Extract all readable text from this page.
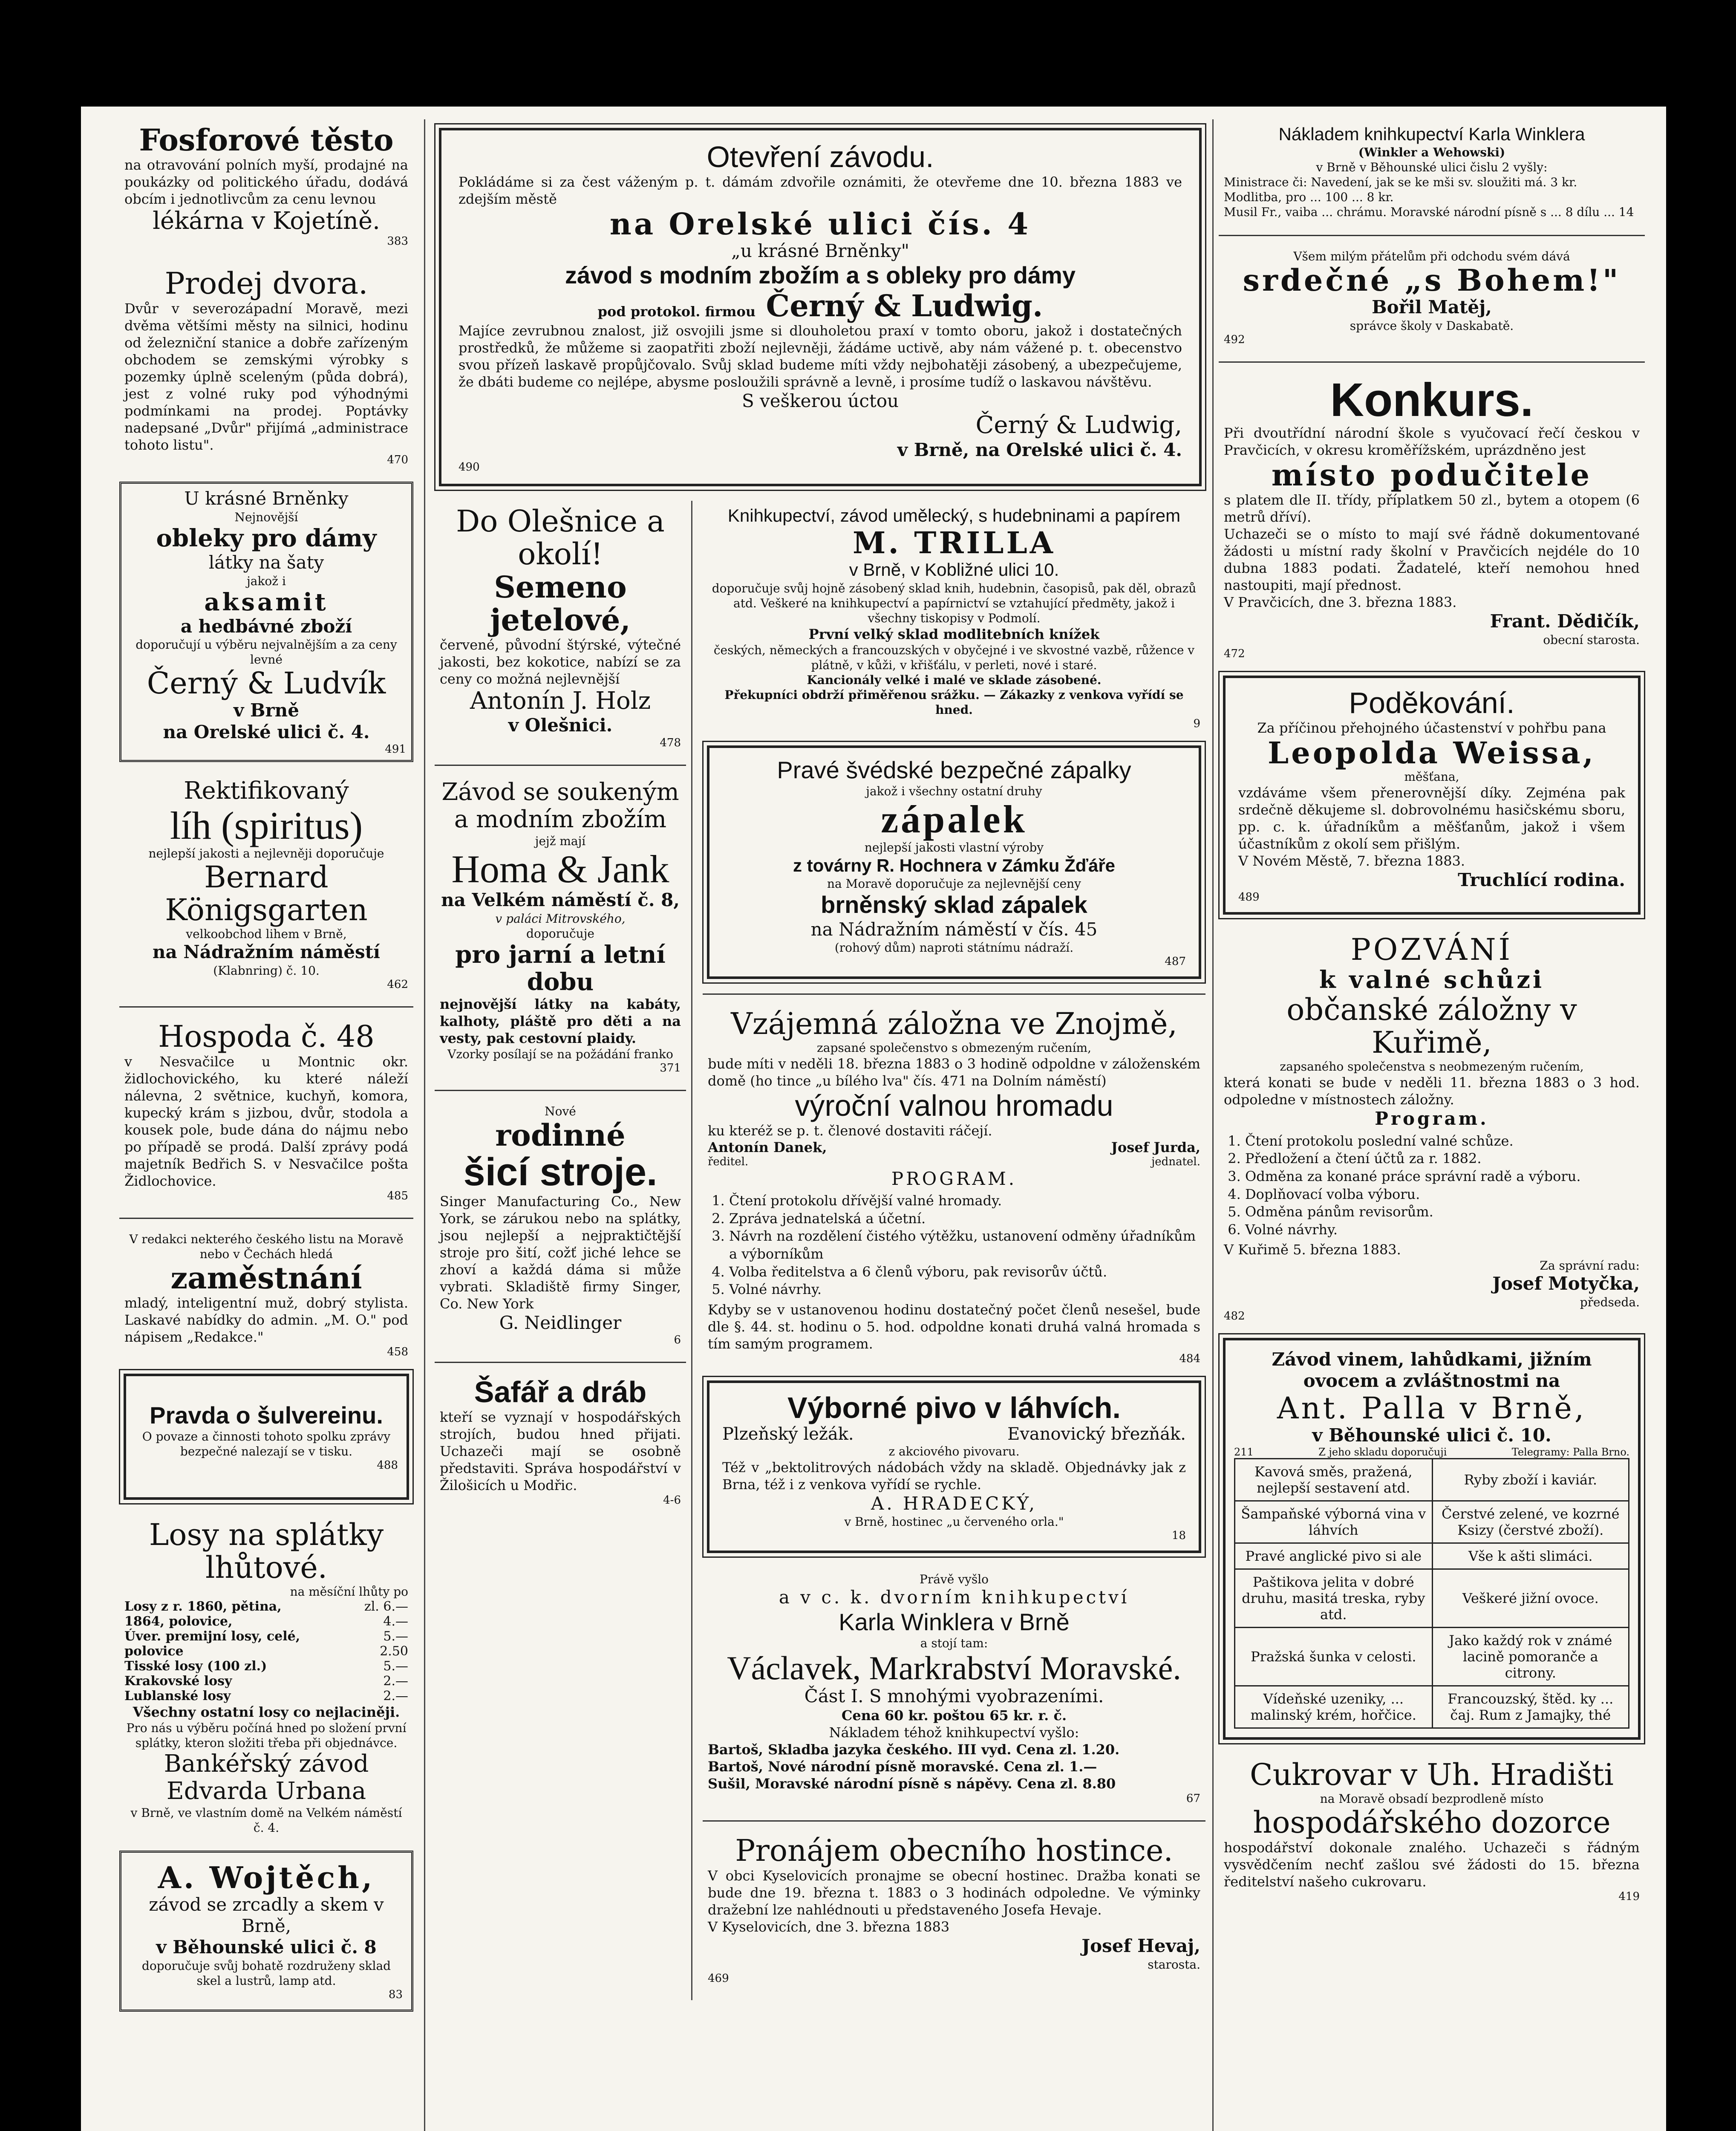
Fosforové těsto
na otravování polních myší, prodajné na poukázky od politického úřadu, dodává obcím i jednotlivcům za cenu levnou
lékárna v Kojetíně.
383
Prodej dvora.
Dvůr v severozápadní Moravě, mezi dvěma většími městy na silnici, hodinu od železniční stanice a dobře zařízeným obchodem se zemskými výrobky s pozemky úplně sceleným (půda dobrá), jest z volné ruky pod výhodnými podmínkami na prodej. Poptávky nadepsané „Dvůr" přijímá „administrace tohoto listu".
470
U krásné Brněnky
Nejnovější
obleky pro dámy
látky na šaty
jakož i
aksamit
a hedbávné zboží
doporučují u výběru nejvalnějším a za ceny levné
Černý & Ludvík
v Brně
na Orelské ulici č. 4.
491
Rektifikovaný
líh (spiritus)
nejlepší jakosti a nejlevněji doporučuje
Bernard Königsgarten
velkoobchod lihem v Brně,
na Nádražním náměstí
(Klabnring) č. 10.
462
Hospoda č. 48
v Nesvačilce u Montnic okr. židlochovického, ku které náleží nálevna, 2 světnice, kuchyň, komora, kupecký krám s jizbou, dvůr, stodola a kousek pole, bude dána do nájmu nebo po případě se prodá. Další zprávy podá majetník Bedřich S. v Nesvačilce pošta Židlochovice.
485
V redakci nekterého českého listu na Moravě nebo v Čechách hledá
zaměstnání
mladý, inteligentní muž, dobrý stylista. Laskavé nabídky do admin. „M. O." pod nápisem „Redakce."
458
Pravda o šulvereinu.
O povaze a činnosti tohoto spolku zprávy bezpečné nalezají se v tisku.
488
Losy na splátky lhůtové.
na měsíční lhůty po
Losy z r. 1860, pětina,	zl. 6.—
1864, polovice,	4.—
Úver. premijní losy, celé,	5.—
polovice	2.50
Tisské losy (100 zl.)	5.—
Krakovské losy	2.—
Lublanské losy	2.—
Všechny ostatní losy co nejlaciněji.
Pro nás u výběru počíná hned po složení první splátky, kteron složiti třeba při objednávce.
Bankéřský závod Edvarda Urbana
v Brně, ve vlastním domě na Velkém náměstí č. 4.
A. Wojtěch,
závod se zrcadly a skem v Brně,
v Běhounské ulici č. 8
doporučuje svůj bohatě rozdruženy sklad skel a lustrů, lamp atd.
83
Otevření závodu.
Pokládáme si za čest váženým p. t. dámám zdvořile oznámiti, že otevřeme dne 10. března 1883 ve zdejším městě
na Orelské ulici čís. 4
„u krásné Brněnky"
závod s modním zbožím a s obleky pro dámy
pod protokol. firmou Černý & Ludwig.
Majíce zevrubnou znalost, již osvojili jsme si dlouholetou praxí v tomto oboru, jakož i dostatečných prostředků, že můžeme si zaopatřiti zboží nejlevněji, žádáme uctivě, aby nám vážené p. t. obecenstvo svou přízeň laskavě propůjčovalo. Svůj sklad budeme míti vždy nejbohatěji zásobený, a ubezpečujeme, že dbáti budeme co nejlépe, abysme posloužili správně a levně, i prosíme tudíž o laskavou návštěvu.
S veškerou úctou
Černý & Ludwig,
v Brně, na Orelské ulici č. 4.
490
Do Olešnice a okolí!
Semeno jetelové,
červené, původní štýrské, výtečné jakosti, bez kokotice, nabízí se za ceny co možná nejlevnější
Antonín J. Holz
v Olešnici.
478
Závod se soukeným
a modním zbožím
jejž mají
Homa & Jank
na Velkém náměstí č. 8,
v paláci Mitrovského,
doporučuje
pro jarní a letní dobu
nejnovější látky na kabáty, kalhoty, pláště pro děti a na vesty, pak cestovní plaidy.
Vzorky posílají se na požádání franko
371
Nové
rodinné
šicí stroje.
Singer Manufacturing Co., New York, se zárukou nebo na splátky, jsou nejlepší a nejpraktičtější stroje pro šití, cožť jiché lehce se zhoví a každá dáma si může vybrati. Skladiště firmy Singer, Co. New York
G. Neidlinger
6
Šafář a dráb
kteří se vyznají v hospodářských strojích, budou hned přijati. Uchazeči mají se osobně představiti. Správa hospodářství v Žilošicích u Modřic.
4-6
Knihkupectví, závod umělecký, s hudebninami a papírem
M. TRILLA
v Brně, v Kobližné ulici 10.
doporučuje svůj hojně zásobený sklad knih, hudebnin, časopisů, pak děl, obrazů atd. Veškeré na knihkupectví a papírnictví se vztahující předměty, jakož i všechny tiskopisy v Podmolí.
První velký sklad modlitebních knížek
českých, německých a francouzských v obyčejné i ve skvostné vazbě, růžence v plátně, v kůži, v křišťálu, v perleti, nové i staré.
Kancionály velké i malé ve sklade zásobené.
Překupníci obdrží přiměřenou srážku. — Zákazky z venkova vyřídí se hned.
9
Pravé švédské bezpečné zápalky
jakož i všechny ostatní druhy
zápalek
nejlepší jakosti vlastní výroby
z továrny R. Hochnera v Zámku Žďáře
na Moravě doporučuje za nejlevnější ceny
brněnský sklad zápalek
na Nádražním náměstí v čís. 45
(rohový dům) naproti státnímu nádraží.
487
Vzájemná záložna ve Znojmě,
zapsané společenstvo s obmezeným ručením,
bude míti v neděli 18. března 1883 o 3 hodině odpoldne v záloženském domě (ho tince „u bílého lva" čís. 471 na Dolním náměstí)
výroční valnou hromadu
ku kteréž se p. t. členové dostaviti ráčejí.
Antonín Danek,	Josef Jurda,
ředitel.	jednatel.
PROGRAM.
1. Čtení protokolu dřívější valné hromady.
2. Zpráva jednatelská a účetní.
3. Návrh na rozdělení čistého výtěžku, ustanovení odměny úřadníkům a výborníkům
4. Volba ředitelstva a 6 členů výboru, pak revisorův účtů.
5. Volné návrhy.
Kdyby se v ustanovenou hodinu dostatečný počet členů nesešel, bude dle §. 44. st. hodinu o 5. hod. odpoldne konati druhá valná hromada s tím samým programem.
484
Výborné pivo v láhvích.
Plzeňský ležák.	Evanovický březňák.
z akciového pivovaru.
Též v „bektolitrových nádobách vždy na skladě. Objednávky jak z Brna, též i z venkova vyřídí se rychle.
A. HRADECKÝ,
v Brně, hostinec „u červeného orla."
18
Právě vyšlo
a v c. k. dvorním knihkupectví
Karla Winklera v Brně
a stojí tam:
Václavek, Markrabství Moravské.
Část I. S mnohými vyobrazeními.
Cena 60 kr. poštou 65 kr. r. č.
Nákladem téhož knihkupectví vyšlo:
Bartoš, Skladba jazyka českého. III vyd. Cena zl. 1.20.
Bartoš, Nové národní písně moravské. Cena zl. 1.—
Sušil, Moravské národní písně s nápěvy. Cena zl. 8.80
67
Pronájem obecního hostince.
V obci Kyselovicích pronajme se obecní hostinec. Dražba konati se bude dne 19. března t. 1883 o 3 hodinách odpoledne. Ve výminky dražební lze nahlédnouti u představeného Josefa Hevaje.
V Kyselovicích, dne 3. března 1883
Josef Hevaj,
starosta.
469
Nákladem knihkupectví Karla Winklera
(Winkler a Wehowski)
v Brně v Běhounské ulici čislu 2 vyšly:
Ministrace či: Navedení, jak se ke mši sv. sloužiti má. 3 kr.
Modlitba, pro ... 100 ... 8 kr.
Musil Fr., vaiba ... chrámu. Moravské národní písně s ... 8 dílu ... 14
Všem milým přátelům při odchodu svém dává
srdečné „s Bohem!"
Bořil Matěj,
správce školy v Daskabatě.
492
Konkurs.
Při dvoutřídní národní škole s vyučovací řečí českou v Pravčicích, v okresu kroměřížském, uprázdněno jest
místo podučitele
s platem dle II. třídy, příplatkem 50 zl., bytem a otopem (6 metrů dříví).
Uchazeči se o místo to mají své řádně dokumentované žádosti u místní rady školní v Pravčicích nejdéle do 10 dubna 1883 podati. Žadatelé, kteří nemohou hned nastoupiti, mají přednost.
V Pravčicích, dne 3. března 1883.
Frant. Dědičík,
obecní starosta.
472
Poděkování.
Za příčinou přehojného účastenství v pohřbu pana
Leopolda Weissa,
měšťana,
vzdáváme všem přenerovnější díky. Zejména pak srdečně děkujeme sl. dobrovolnému hasičskému sboru, pp. c. k. úřadníkům a měšťanům, jakož i všem účastníkům z okolí sem přišlým.
V Novém Městě, 7. března 1883.
Truchlící rodina.
489
POZVÁNÍ
k valné schůzi
občanské záložny v Kuřimě,
zapsaného společenstva s neobmezeným ručením,
která konati se bude v neděli 11. března 1883 o 3 hod. odpoledne v místnostech záložny.
Program.
1. Čtení protokolu poslední valné schůze.
2. Předložení a čtení účtů za r. 1882.
3. Odměna za konané práce správní radě a výboru.
4. Doplňovací volba výboru.
5. Odměna pánům revisorům.
6. Volné návrhy.
V Kuřimě 5. března 1883.
Za správní radu:
Josef Motyčka,
předseda.
482
Závod vinem, lahůdkami, jižním ovocem a zvláštnostmi na
Ant. Palla v Brně,
v Běhounské ulici č. 10.
211	Z jeho skladu doporučuji	Telegramy: Palla Brno.
Kavová směs, pražená, nejlepší sestavení atd.	Ryby zboží i kaviár.
Šampaňské výborná vina v láhvích	Čerstvé zelené, ve kozrné Ksizy (čerstvé zboží).
Pravé anglické pivo si ale	Vše k ašti slimáci.
Paštikova jelita v dobré druhu, masitá treska, ryby atd.	Veškeré jižní ovoce.
Pražská šunka v celosti.	Jako každý rok v známé lacině pomoranče a citrony.
Vídeňské uzeniky, ... malinský krém, hořčice.	Francouzský, štěd. ky ... čaj. Rum z Jamajky, thé
Cukrovar v Uh. Hradišti
na Moravě obsadí bezprodleně místo
hospodářského dozorce
hospodářství dokonale znalého. Uchazeči s řádným vysvědčením nechť zašlou své žádosti do 15. března ředitelství našeho cukrovaru.
419
